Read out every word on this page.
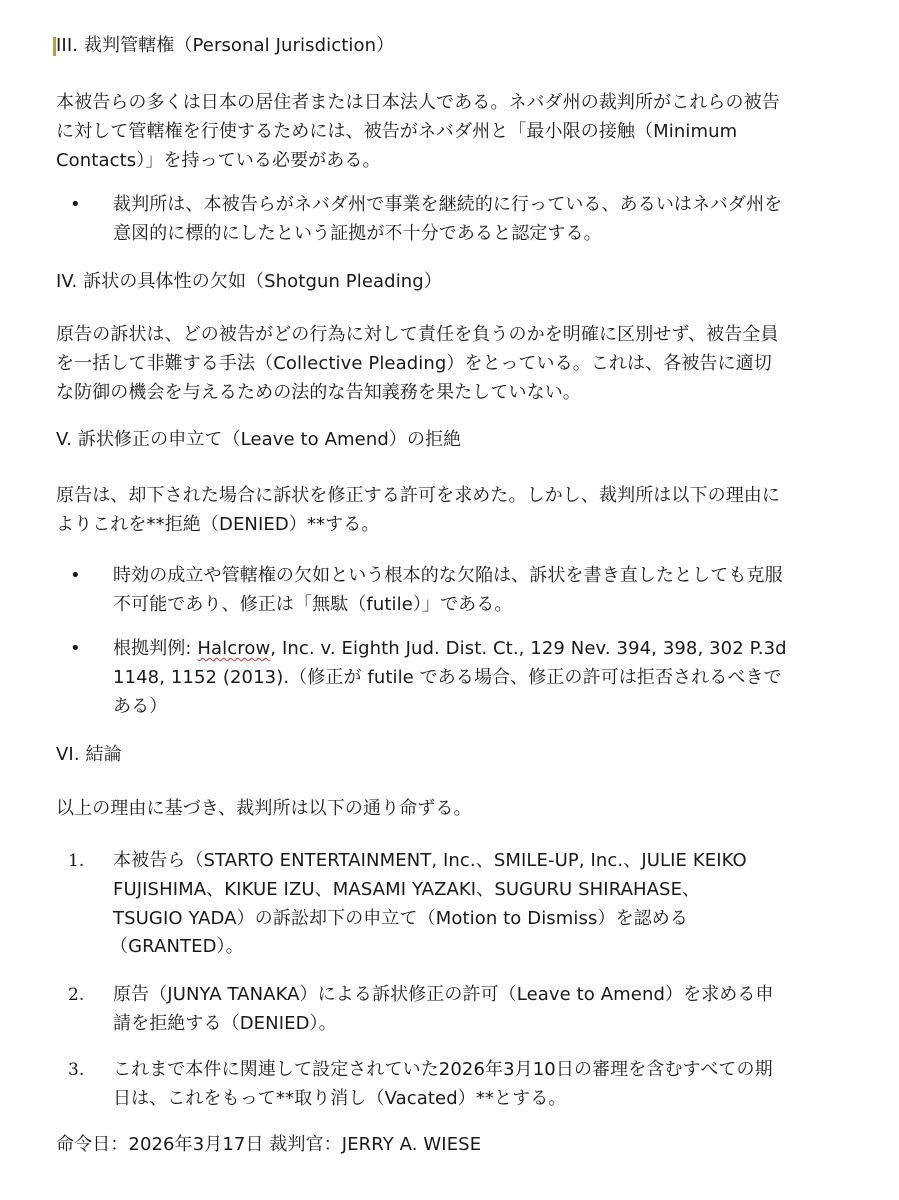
III. 裁判管轄権（Personal Jurisdiction）
本被告らの多くは日本の居住者または日本法人である。ネバダ州の裁判所がこれらの被告
に対して管轄権を行使するためには、被告がネバダ州と「最小限の接触（Minimum
Contacts）」を持っている必要がある。
• 裁判所は、本被告らがネバダ州で事業を継続的に行っている、あるいはネバダ州を
意図的に標的にしたという証拠が不十分であると認定する。
IV. 訴状の具体性の欠如（Shotgun Pleading）
原告の訴状は、どの被告がどの行為に対して責任を負うのかを明確に区別せず、被告全員
を一括して非難する手法（Collective Pleading）をとっている。これは、各被告に適切
な防御の機会を与えるための法的な告知義務を果たしていない。
V. 訴状修正の申立て（Leave to Amend）の拒絶
原告は、却下された場合に訴状を修正する許可を求めた。しかし、裁判所は以下の理由に
よりこれを**拒絶（DENIED）**する。
• 時効の成立や管轄権の欠如という根本的な欠陥は、訴状を書き直したとしても克服
不可能であり、修正は「無駄（futile）」である。
• 根拠判例: Halcrow, Inc. v. Eighth Jud. Dist. Ct., 129 Nev. 394, 398, 302 P.3d
1148, 1152 (2013).（修正が futile である場合、修正の許可は拒否されるべきで
ある）
VI. 結論
以上の理由に基づき、裁判所は以下の通り命ずる。
1. 本被告ら（STARTO ENTERTAINMENT, Inc.、SMILE-UP, Inc.、JULIE KEIKO
FUJISHIMA、KIKUE IZU、MASAMI YAZAKI、SUGURU SHIRAHASE、
TSUGIO YADA）の訴訟却下の申立て（Motion to Dismiss）を認める
（GRANTED）。
2. 原告（JUNYA TANAKA）による訴状修正の許可（Leave to Amend）を求める申
請を拒絶する（DENIED）。
3. これまで本件に関連して設定されていた2026年3月10日の審理を含むすべての期
日は、これをもって**取り消し（Vacated）**とする。
命令日：2026年3月17日 裁判官：JERRY A. WIESE
